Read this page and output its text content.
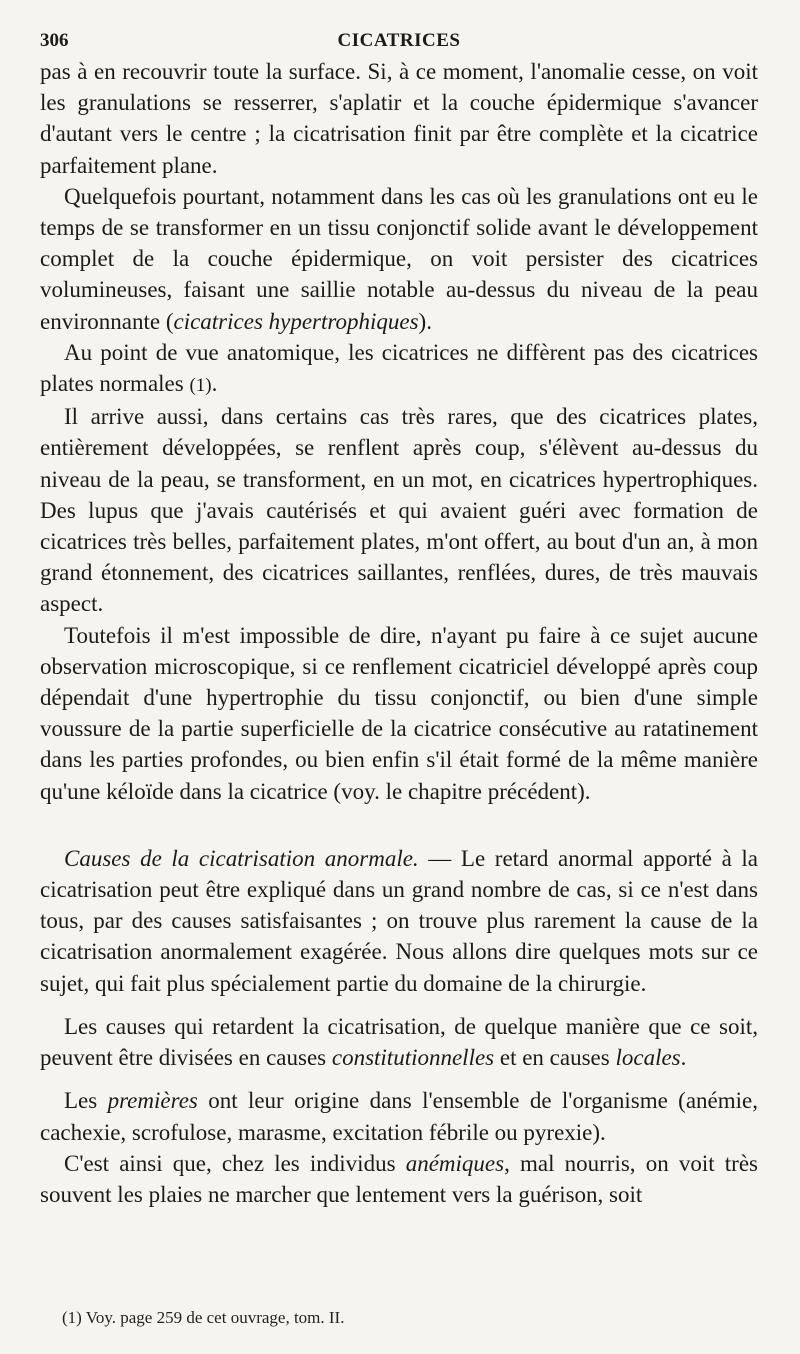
306	CICATRICES

pas à en recouvrir toute la surface. Si, à ce moment, l'anomalie cesse, on voit les granulations se resserrer, s'aplatir et la couche épidermique s'avancer d'autant vers le centre ; la cicatrisation finit par être complète et la cicatrice parfaitement plane.

Quelquefois pourtant, notamment dans les cas où les granulations ont eu le temps de se transformer en un tissu conjonctif solide avant le développement complet de la couche épidermique, on voit persister des cicatrices volumineuses, faisant une saillie notable au-dessus du niveau de la peau environnante (cicatrices hypertrophiques).

Au point de vue anatomique, les cicatrices ne diffèrent pas des cicatrices plates normales (1).

Il arrive aussi, dans certains cas très rares, que des cicatrices plates, entièrement développées, se renflent après coup, s'élèvent au-dessus du niveau de la peau, se transforment, en un mot, en cicatrices hypertrophiques. Des lupus que j'avais cautérisés et qui avaient guéri avec formation de cicatrices très belles, parfaitement plates, m'ont offert, au bout d'un an, à mon grand étonnement, des cicatrices saillantes, renflées, dures, de très mauvais aspect.

Toutefois il m'est impossible de dire, n'ayant pu faire à ce sujet aucune observation microscopique, si ce renflement cicatriciel développé après coup dépendait d'une hypertrophie du tissu conjonctif, ou bien d'une simple voussure de la partie superficielle de la cicatrice consécutive au ratatinement dans les parties profondes, ou bien enfin s'il était formé de la même manière qu'une kéloïde dans la cicatrice (voy. le chapitre précédent).

Causes de la cicatrisation anormale. — Le retard anormal apporté à la cicatrisation peut être expliqué dans un grand nombre de cas, si ce n'est dans tous, par des causes satisfaisantes ; on trouve plus rarement la cause de la cicatrisation anormalement exagérée. Nous allons dire quelques mots sur ce sujet, qui fait plus spécialement partie du domaine de la chirurgie.

Les causes qui retardent la cicatrisation, de quelque manière que ce soit, peuvent être divisées en causes constitutionnelles et en causes locales.

Les premières ont leur origine dans l'ensemble de l'organisme (anémie, cachexie, scrofulose, marasme, excitation fébrile ou pyrexie).

C'est ainsi que, chez les individus anémiques, mal nourris, on voit très souvent les plaies ne marcher que lentement vers la guérison, soit

(1) Voy. page 259 de cet ouvrage, tom. II.
